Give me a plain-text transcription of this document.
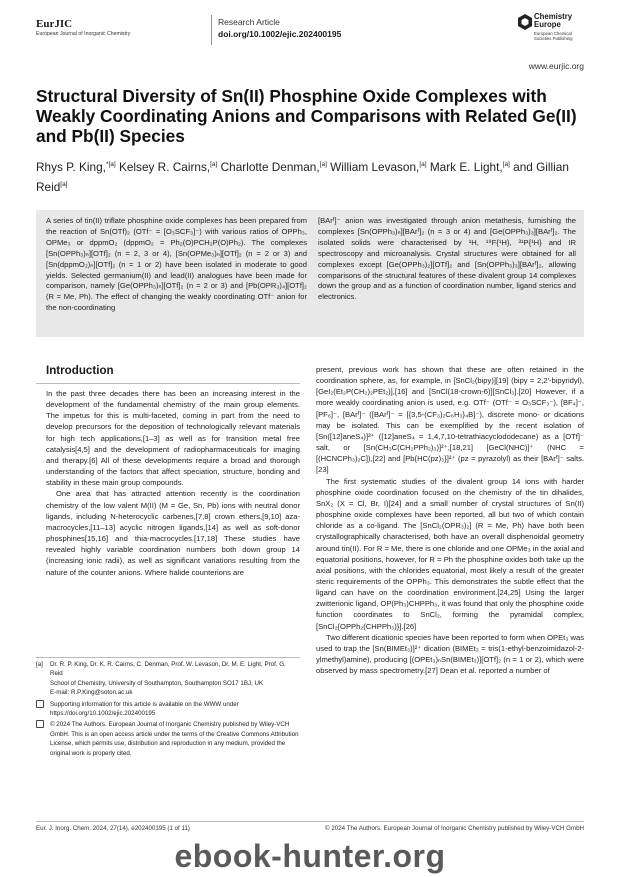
EurJIC
European Journal of Inorganic Chemistry
Research Article
doi.org/10.1002/ejic.202400195
Chemistry
Europe
European Chemical
Societies Publishing
www.eurjic.org
Structural Diversity of Sn(II) Phosphine Oxide Complexes with Weakly Coordinating Anions and Comparisons with Related Ge(II) and Pb(II) Species
Rhys P. King,$^{*[a]}$ Kelsey R. Cairns,[a] Charlotte Denman,[a] William Levason,[a] Mark E. Light,[a] and Gillian Reid[a]
A series of tin(II) triflate phosphine oxide complexes has been prepared from the reaction of Sn(OTf)₂ (OTf⁻ = [O₃SCF₃]⁻) with various ratios of OPPh₃, OPMe₃ or dppmO₂ (dppmO₂ = Ph₂(O)PCH₂P(O)Ph₂). The complexes [Sn(OPPh₃)ₙ][OTf]₂ (n = 2, 3 or 4), [Sn(OPMe₃)ₙ][OTf]₂ (n = 2 or 3) and [Sn(dppmO₂)ₙ][OTf]₂ (n = 1 or 2) have been isolated in moderate to good yields. Selected germanium(II) and lead(II) analogues have been made for comparison, namely [Ge(OPPh₃)ₙ][OTf]₂ (n = 2 or 3) and [Pb(OPR₃)₄][OTf]₂ (R = Me, Ph). The effect of changing the weakly coordinating OTf⁻ anion for the non-coordinating
[BArᶠ]⁻ anion was investigated through anion metathesis, furnishing the complexes [Sn(OPPh₃)ₙ][BArᶠ]₂ (n = 3 or 4) and [Ge(OPPh₃)₃][BArᶠ]₂. The isolated solids were characterised by ¹H, ¹⁹F{¹H}, ³¹P{¹H} and IR spectroscopy and microanalysis. Crystal structures were obtained for all complexes except [Ge(OPPh₃)₂][OTf]₂ and [Sn(OPPh₃)₃][BArᶠ]₂, allowing comparisons of the structural features of these divalent group 14 complexes down the group and as a function of coordination number, ligand sterics and electronics.
Introduction

In the past three decades there has been an increasing interest in the development of the fundamental chemistry of the main group elements. The impetus for this is multi-faceted, coming in part from the need to develop precursors for the deposition of technologically relevant materials for high tech applications,[1–3] as well as for transition metal free catalysis[4,5] and the development of radiopharmaceuticals for imaging and therapy.[6] All of these developments require a broad and thorough understanding of the factors that affect speciation, structure, bonding and stability in these main group compounds.

One area that has attracted attention recently is the coordination chemistry of the low valent M(II) (M = Ge, Sn, Pb) ions with neutral donor ligands, including N-heterocyclic carbenes,[7,8] crown ethers,[9,10] aza-macrocycles,[11–13] acyclic nitrogen ligands,[14] as well as soft-donor phosphines[15,16] and thia-macrocycles.[17,18] These studies have revealed highly variable coordination numbers both down group 14 (increasing ionic radii), as well as significant variations resulting from the nature of the counter anions. Where halide counterions are

present, previous work has shown that these are often retained in the coordination sphere, as, for example, in [SnCl₂(bipy)][19] (bipy = 2,2′-bipyridyl), [GeI₂(Et₂P(CH₂)₂PEt₂)],[16] and [SnCl(18-crown-6)][SnCl₃].[20] However, if a more weakly coordinating anion is used, e.g. OTf⁻ (OTf⁻ = O₃SCF₃⁻), [BF₄]⁻, [PF₆]⁻, [BArᶠ]⁻ ([BArᶠ]⁻ = [{3,5-(CF₃)₂C₆H₃}₄B]⁻), discrete mono- or dications may be isolated. This can be exemplified by the recent isolation of [Sn([12]aneS₄)]²⁺ ([12]aneS₄ = 1,4,7,10-tetrathiacyclododecane) as a [OTf]⁻ salt, or [Sn(CH₃C(CH₂PPh₂)₃)]²⁺,[18,21] [GeCl(NHC)]⁺ (NHC = [(HCNCPh₃)₂C]),[22] and [Pb{HC(pz)₃}]²⁺ (pz = pyrazolyl) as their [BArᶠ]⁻ salts.[23]

The first systematic studies of the divalent group 14 ions with harder phosphine oxide coordination focused on the chemistry of the tin dihalides, SnX₂ (X = Cl, Br, I)[24] and a small number of crystal structures of Sn(II) phosphine oxide complexes have been reported, all but two of which contain chloride as a co-ligand. The [SnCl₂(OPR₃)₂] (R = Me, Ph) have both been crystallographically characterised, both have an overall disphenoidal geometry around tin(II). For R = Me, there is one chloride and one OPMe₃ in the axial and equatorial positions, however, for R = Ph the phosphine oxides both take up the axial positions, with the chlorides equatorial, most likely a result of the greater steric requirements of the OPPh₃. This demonstrates the subtle effect that the ligand can have on the coordination environment.[24,25] Using the larger zwitterionic ligand, OP(Ph₃)CHPPh₃, it was found that only the phosphine oxide function coordinates to SnCl₂, forming the pyramidal complex, [SnCl₂{OPPh₂(CHPPh₃)}].[26]

Two different dicationic species have been reported to form when OPEt₃ was used to trap the [Sn(BIMEt₃)]²⁺ dication (BIMEt₃ = tris(1-ethyl-benzoimidazol-2-ylmethyl)amine), producing [(OPEt₃)ₙSn(BIMEt₃)][OTf]₂ (n = 1 or 2), which were observed by mass spectrometry.[27] Dean et al. reported a number of

[a] Dr. R. P. King, Dr. K. R. Cairns, C. Denman, Prof. W. Levason, Dr. M. E. Light, Prof. G. Reid
School of Chemistry, University of Southampton, Southampton SO17 1BJ, UK
E-mail: R.P.King@soton.ac.uk
Supporting information for this article is available on the WWW under https://doi.org/10.1002/ejic.202400195
© 2024 The Authors. European Journal of Inorganic Chemistry published by Wiley-VCH GmbH. This is an open access article under the terms of the Creative Commons Attribution License, which permits use, distribution and reproduction in any medium, provided the original work is properly cited.
Eur. J. Inorg. Chem. 2024, 27(14), e202400195 (1 of 11)	© 2024 The Authors. European Journal of Inorganic Chemistry published by Wiley-VCH GmbH
ebook-hunter.org
